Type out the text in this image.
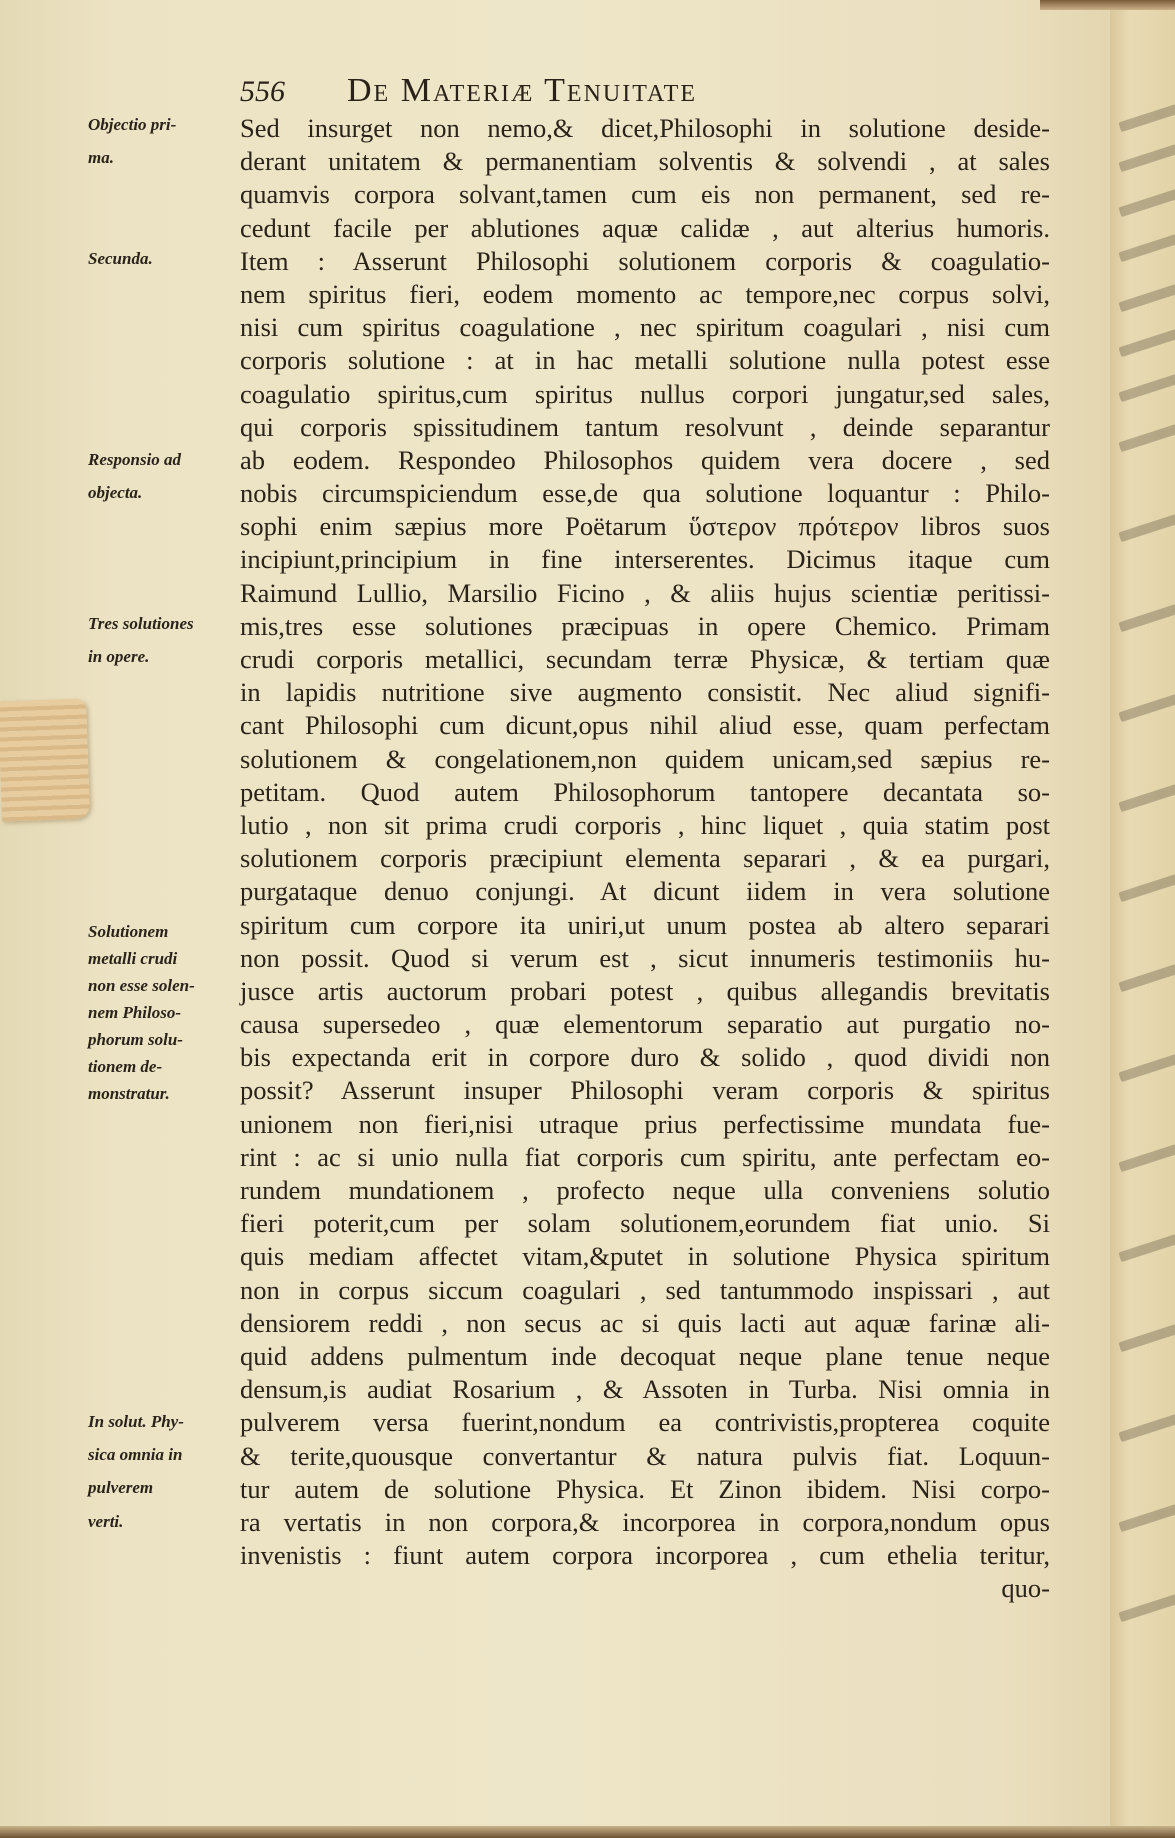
556 De Materiæ Tenuitate
Objectio pri-
ma.
Secunda.
Responsio ad
objecta.
Tres solutiones
in opere.
Solutionem
metalli crudi
non esse solen-
nem Philoso-
phorum solu-
tionem de-
monstratur.
In solut. Phy-
sica omnia in
pulverem
verti.
Sed insurget non nemo,& dicet,Philosophi in solutione deside-
derant unitatem & permanentiam solventis & solvendi , at sales
quamvis corpora solvant,tamen cum eis non permanent, sed re-
cedunt facile per ablutiones aquæ calidæ , aut alterius humoris.
Item : Asserunt Philosophi solutionem corporis & coagulatio-
nem spiritus fieri, eodem momento ac tempore,nec corpus solvi,
nisi cum spiritus coagulatione , nec spiritum coagulari , nisi cum
corporis solutione : at in hac metalli solutione nulla potest esse
coagulatio spiritus,cum spiritus nullus corpori jungatur,sed sales,
qui corporis spissitudinem tantum resolvunt , deinde separantur
ab eodem. Respondeo Philosophos quidem vera docere , sed
nobis circumspiciendum esse,de qua solutione loquantur : Philo-
sophi enim sæpius more Poëtarum ὕστερον πρότερον libros suos
incipiunt,principium in fine interserentes. Dicimus itaque cum
Raimund Lullio, Marsilio Ficino , & aliis hujus scientiæ peritissi-
mis,tres esse solutiones præcipuas in opere Chemico. Primam
crudi corporis metallici, secundam terræ Physicæ, & tertiam quæ
in lapidis nutritione sive augmento consistit. Nec aliud signifi-
cant Philosophi cum dicunt,opus nihil aliud esse, quam perfectam
solutionem & congelationem,non quidem unicam,sed sæpius re-
petitam. Quod autem Philosophorum tantopere decantata so-
lutio , non sit prima crudi corporis , hinc liquet , quia statim post
solutionem corporis præcipiunt elementa separari , & ea purgari,
purgataque denuo conjungi. At dicunt iidem in vera solutione
spiritum cum corpore ita uniri,ut unum postea ab altero separari
non possit. Quod si verum est , sicut innumeris testimoniis hu-
jusce artis auctorum probari potest , quibus allegandis brevitatis
causa supersedeo , quæ elementorum separatio aut purgatio no-
bis expectanda erit in corpore duro & solido , quod dividi non
possit? Asserunt insuper Philosophi veram corporis & spiritus
unionem non fieri,nisi utraque prius perfectissime mundata fue-
rint : ac si unio nulla fiat corporis cum spiritu, ante perfectam eo-
rundem mundationem , profecto neque ulla conveniens solutio
fieri poterit,cum per solam solutionem,eorundem fiat unio. Si
quis mediam affectet vitam,&putet in solutione Physica spiritum
non in corpus siccum coagulari , sed tantummodo inspissari , aut
densiorem reddi , non secus ac si quis lacti aut aquæ farinæ ali-
quid addens pulmentum inde decoquat neque plane tenue neque
densum,is audiat Rosarium , & Assoten in Turba. Nisi omnia in
pulverem versa fuerint,nondum ea contrivistis,propterea coquite
& terite,quousque convertantur & natura pulvis fiat. Loquun-
tur autem de solutione Physica. Et Zinon ibidem. Nisi corpo-
ra vertatis in non corpora,& incorporea in corpora,nondum opus
invenistis : fiunt autem corpora incorporea , cum ethelia teritur,
quo-
